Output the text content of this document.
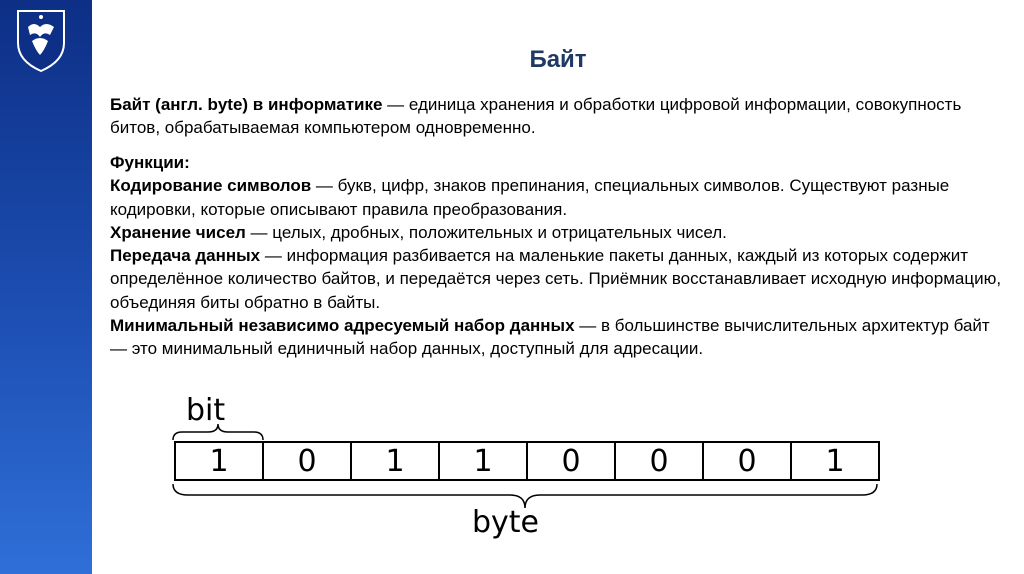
Байт

Байт (англ. byte) в информатике — единица хранения и обработки цифровой информации, совокупность битов, обрабатываемая компьютером одновременно.

Функции:

Кодирование символов — букв, цифр, знаков препинания, специальных символов. Существуют разные кодировки, которые описывают правила преобразования.

Хранение чисел — целых, дробных, положительных и отрицательных чисел.

Передача данных — информация разбивается на маленькие пакеты данных, каждый из которых содержит определённое количество байтов, и передаётся через сеть. Приёмник восстанавливает исходную информацию, объединяя биты обратно в байты.

Минимальный независимо адресуемый набор данных — в большинстве вычислительных архитектур байт — это минимальный единичный набор данных, доступный для адресации.

bit
1	0	1	1	0	0	0	1
byte
